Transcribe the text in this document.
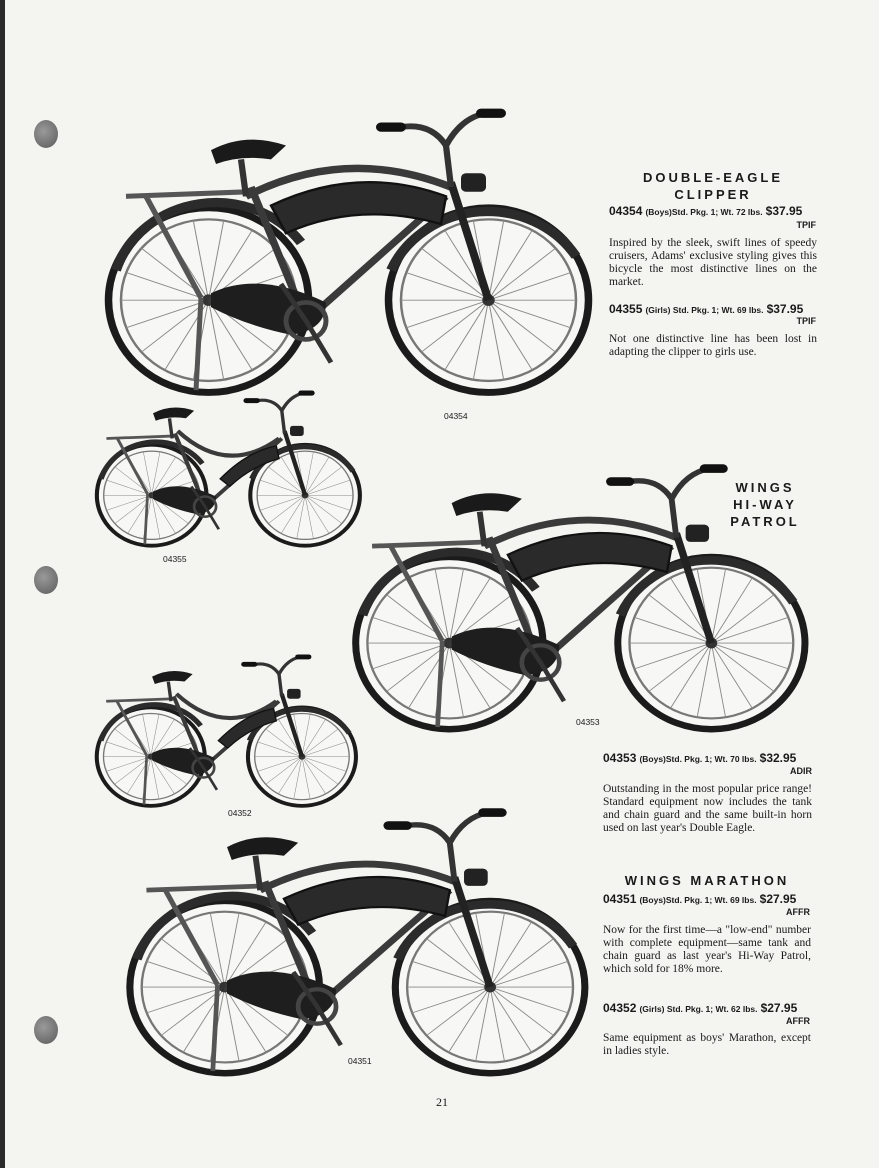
04354
04355
04353
04352
04351
DOUBLE-EAGLE
CLIPPER
04354 (Boys)Std. Pkg. 1; Wt. 72 lbs. $37.95
TPIF
Inspired by the sleek, swift lines of speedy cruisers, Adams' exclusive styling gives this bicycle the most distinctive lines on the market.
04355 (Girls) Std. Pkg. 1; Wt. 69 lbs. $37.95
TPIF
Not one distinctive line has been lost in adapting the clipper to girls use.
WINGS
HI-WAY
PATROL
04353 (Boys)Std. Pkg. 1; Wt. 70 lbs. $32.95
ADIR
Outstanding in the most popular price range! Standard equipment now includes the tank and chain guard and the same built-in horn used on last year's Double Eagle.
WINGS MARATHON
04351 (Boys)Std. Pkg. 1; Wt. 69 lbs. $27.95
AFFR
Now for the first time—a "low-end" number with complete equipment—same tank and chain guard as last year's Hi-Way Patrol, which sold for 18% more.
04352 (Girls) Std. Pkg. 1; Wt. 62 lbs. $27.95
AFFR
Same equipment as boys' Marathon, except in ladies style.
21
